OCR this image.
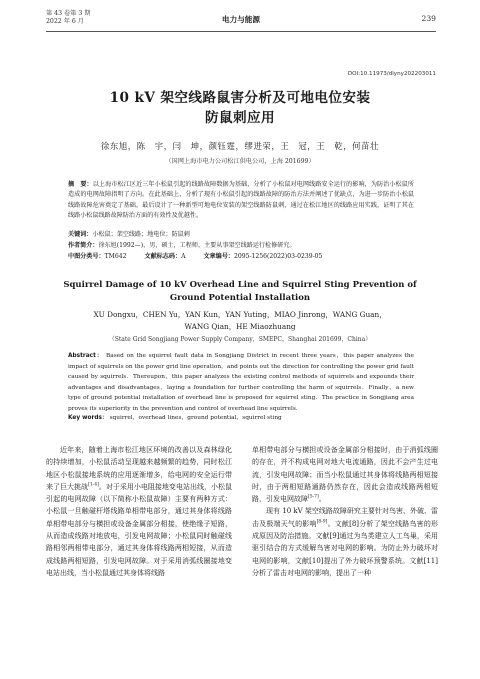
第 43 卷第 3 期
2022 年 6 月	电力与能源	239
DOI:10.11973/dlyny202203011
10 kV 架空线路鼠害分析及可地电位安装
防鼠刺应用
徐东旭，陈　宇，闫　坤，颜钰霆，缪进荣，王　冠，王　乾，何苗壮
（国网上海市电力公司松江供电公司，上海 201699）
摘　要：以上海市松江区近三年小松鼠引起的线路故障数据为基础，分析了小松鼠对电网线路安全运行的影响，为防治小松鼠所造成的电网故障指明了方向。在此基础上，分析了现有小松鼠引起的线路故障的防治方法并阐述了优缺点，为进一步防治小松鼠线路故障危害奠定了基础。最后设计了一种新型可地电位安装的架空线路防鼠刺，通过在松江地区的线路应用实践，证明了其在线路小松鼠线路故障防治方面的有效性及优越性。
关键词：小松鼠；架空线路；地电位；防鼠刺
作者简介：徐东旭(1992—)，男，硕士，工程师，主要从事架空线路运行检修研究。
中图分类号：TM642	文献标志码：A	文章编号：2095-1256(2022)03-0239-05
Squirrel Damage of 10 kV Overhead Line and Squirrel Sting Prevention of
Ground Potential Installation
XU Dongxu，CHEN Yu，YAN Kun，YAN Yuting，MIAO Jinrong，WANG Guan，
WANG Qian，HE Miaozhuang
（State Grid Songjiang Power Supply Company，SMEPC，Shanghai 201699，China）
Abstract： Based on the squirrel fault data in Songjiang District in recent three years，this paper analyzes the impact of squirrels on the power grid line operation，and points out the direction for controlling the power grid fault caused by squirrels．Thereupon，this paper analyzes the existing control methods of squirrels and expounds their advantages and disadvantages，laying a foundation for further controlling the harm of squirrels．Finally，a new type of ground potential installation of overhead line is proposed for squirrel sting．The practice in Songjiang area proves its superiority in the prevention and control of overhead line squirrels．
Key words： squirrel，overhead lines，ground potential，squirrel sting

近年来，随着上海市松江地区环境的改善以及森林绿化的持续增加，小松鼠活动呈现越来越频繁的趋势，同时松江地区小松鼠接地系统的应用逐渐增多，给电网的安全运行带来了巨大挑战[1-4]。对于采用小电阻接地变电站出线，小松鼠引起的电网故障（以下简称小松鼠故障）主要有两种方式：小松鼠一旦触碰杆塔线路单相带电部分，通过其身体将线路单相带电部分与横担或设备金属部分相接，使绝缘子短路，从而造成线路对地放电，引发电网故障；小松鼠同时触碰线路相邻两相带电部分，通过其身体将线路两相短接，从而造成线路两相短路，引发电网故障。对于采用消弧线圈接地变电站出线，当小松鼠通过其身体将线路

单相带电部分与横担或设备金属部分相接时，由于消弧线圈的存在，并不构成电网对地大电流通路，因此不会产生过电流，引发电网故障；而当小松鼠通过其身体将线路两相短接时，由于两相短路通路仍然存在，因此会造成线路两相短路，引发电网故障[5-7]。

现有 10 kV 架空线路故障研究主要针对鸟害、外破、雷击及极端天气的影响[8-9]。文献[8]分析了架空线路鸟害的形成原因及防治措施。文献[9]通过为鸟类建立人工鸟巢，采用驱引结合的方式缓解鸟害对电网的影响。为防止外力破坏对电网的影响，文献[10]提出了外力破坏预警系统。文献[11]分析了雷击对电网的影响，提出了一种
